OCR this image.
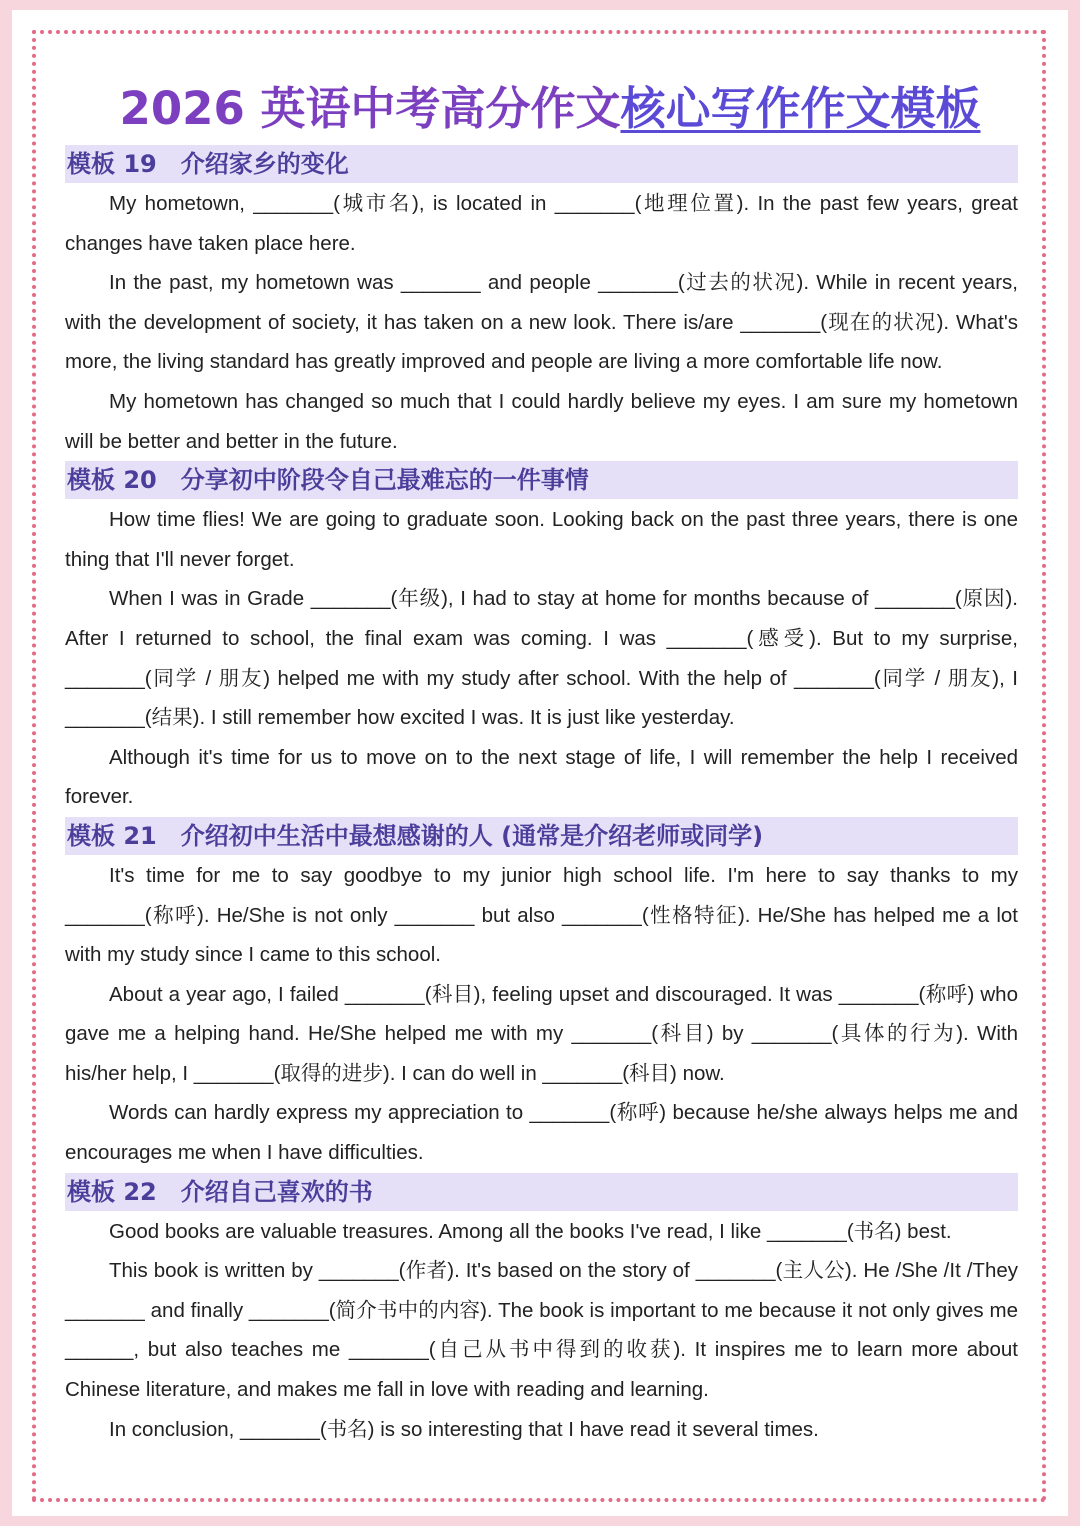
2026 英语中考高分作文核心写作作文模板
模板 19　介绍家乡的变化

My hometown, _______(城市名), is located in _______(地理位置). In the past few years, great changes have taken place here.

In the past, my hometown was _______ and people _______(过去的状况). While in recent years, with the development of society, it has taken on a new look. There is/are _______(现在的状况). What's more, the living standard has greatly improved and people are living a more comfortable life now.

My hometown has changed so much that I could hardly believe my eyes. I am sure my hometown will be better and better in the future.

模板 20　分享初中阶段令自己最难忘的一件事情

How time flies! We are going to graduate soon. Looking back on the past three years, there is one thing that I'll never forget.

When I was in Grade _______(年级), I had to stay at home for months because of _______(原因). After I returned to school, the final exam was coming. I was _______(感受). But to my surprise, _______(同学 / 朋友) helped me with my study after school. With the help of _______(同学 / 朋友), I _______(结果). I still remember how excited I was. It is just like yesterday.

Although it's time for us to move on to the next stage of life, I will remember the help I received forever.

模板 21　介绍初中生活中最想感谢的人 (通常是介绍老师或同学)

It's time for me to say goodbye to my junior high school life. I'm here to say thanks to my _______(称呼). He/She is not only _______ but also _______(性格特征). He/She has helped me a lot with my study since I came to this school.

About a year ago, I failed _______(科目), feeling upset and discouraged. It was _______(称呼) who gave me a helping hand. He/She helped me with my _______(科目) by _______(具体的行为). With his/her help, I _______(取得的进步). I can do well in _______(科目) now.

Words can hardly express my appreciation to _______(称呼) because he/she always helps me and encourages me when I have difficulties.

模板 22　介绍自己喜欢的书

Good books are valuable treasures. Among all the books I've read, I like _______(书名) best.

This book is written by _______(作者). It's based on the story of _______(主人公). He /She /It /They _______ and finally _______(简介书中的内容). The book is important to me because it not only gives me ______, but also teaches me _______(自己从书中得到的收获). It inspires me to learn more about Chinese literature, and makes me fall in love with reading and learning.

In conclusion, _______(书名) is so interesting that I have read it several times.
